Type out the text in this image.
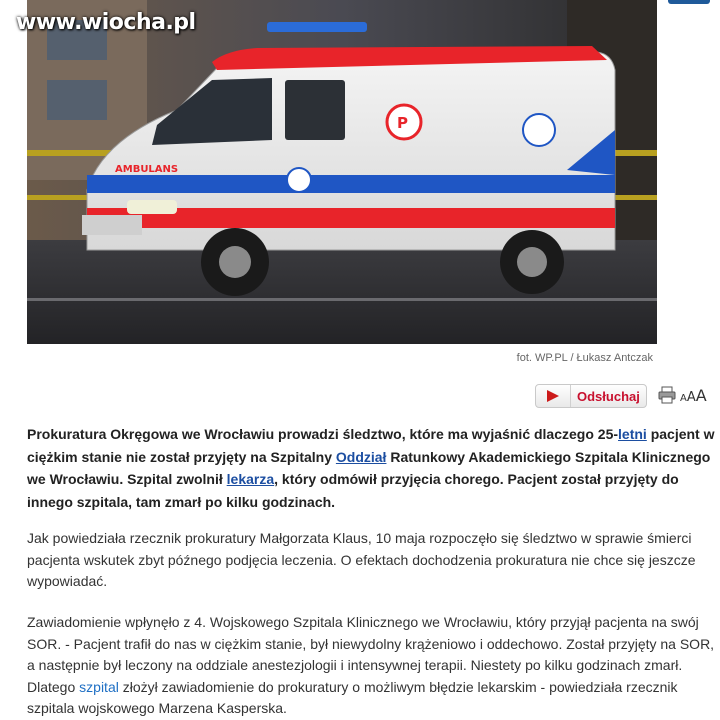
P
AMBULANS
www.wiocha.pl
fot. WP.PL / Łukasz Antczak
Odsłuchaj	AAA

Prokuratura Okręgowa we Wrocławiu prowadzi śledztwo, które ma wyjaśnić dlaczego 25-letni pacjent w ciężkim stanie nie został przyjęty na Szpitalny Oddział Ratunkowy Akademickiego Szpitala Klinicznego we Wrocławiu. Szpital zwolnił lekarza, który odmówił przyjęcia chorego. Pacjent został przyjęty do innego szpitala, tam zmarł po kilku godzinach.

Jak powiedziała rzecznik prokuratury Małgorzata Klaus, 10 maja rozpoczęło się śledztwo w sprawie śmierci pacjenta wskutek zbyt późnego podjęcia leczenia. O efektach dochodzenia prokuratura nie chce się jeszcze wypowiadać.

Zawiadomienie wpłynęło z 4. Wojskowego Szpitala Klinicznego we Wrocławiu, który przyjął pacjenta na swój SOR. - Pacjent trafił do nas w ciężkim stanie, był niewydolny krążeniowo i oddechowo. Został przyjęty na SOR, a następnie był leczony na oddziale anestezjologii i intensywnej terapii. Niestety po kilku godzinach zmarł. Dlatego szpital złożył zawiadomienie do prokuratury o możliwym błędzie lekarskim - powiedziała rzecznik szpitala wojskowego Marzena Kasperska.
